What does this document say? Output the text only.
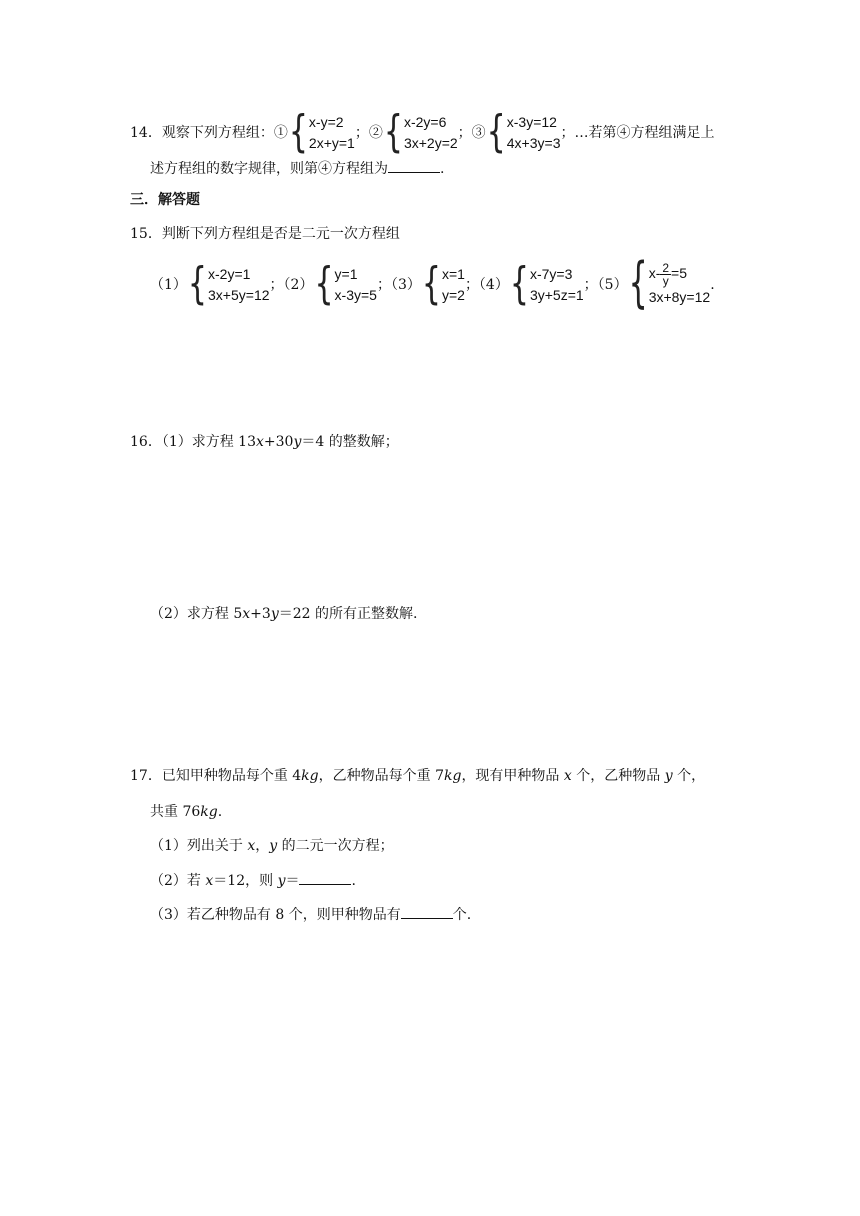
14．观察下列方程组：①{ x-y=2
2x+y=1
；②{ x-2y=6
3x+2y=2
；③{ x-3y=12
4x+3y=3
；…若第④方程组满足上
述方程组的数字规律，则第④方程组为	.
三．解答题
15．判断下列方程组是否是二元一次方程组
（1）{ x-2y=1
3x+5y=12
；（2）{ y=1
x-3y=5
；（3）{ x=1
y=2
；（4）{ x-7y=3
3y+5z=1
；（5）{ $x- \frac{2}{y} =5$
3x+8y=12
.
16．（1）求方程 13x+30y＝4 的整数解；
（2）求方程 5x+3y＝22 的所有正整数解.
17．已知甲种物品每个重 4kg，乙种物品每个重 7kg，现有甲种物品 x 个，乙种物品 y 个，
共重 76kg.
（1）列出关于 x，y 的二元一次方程；
（2）若 x＝12，则 y＝	.
（3）若乙种物品有 8 个，则甲种物品有	个.
